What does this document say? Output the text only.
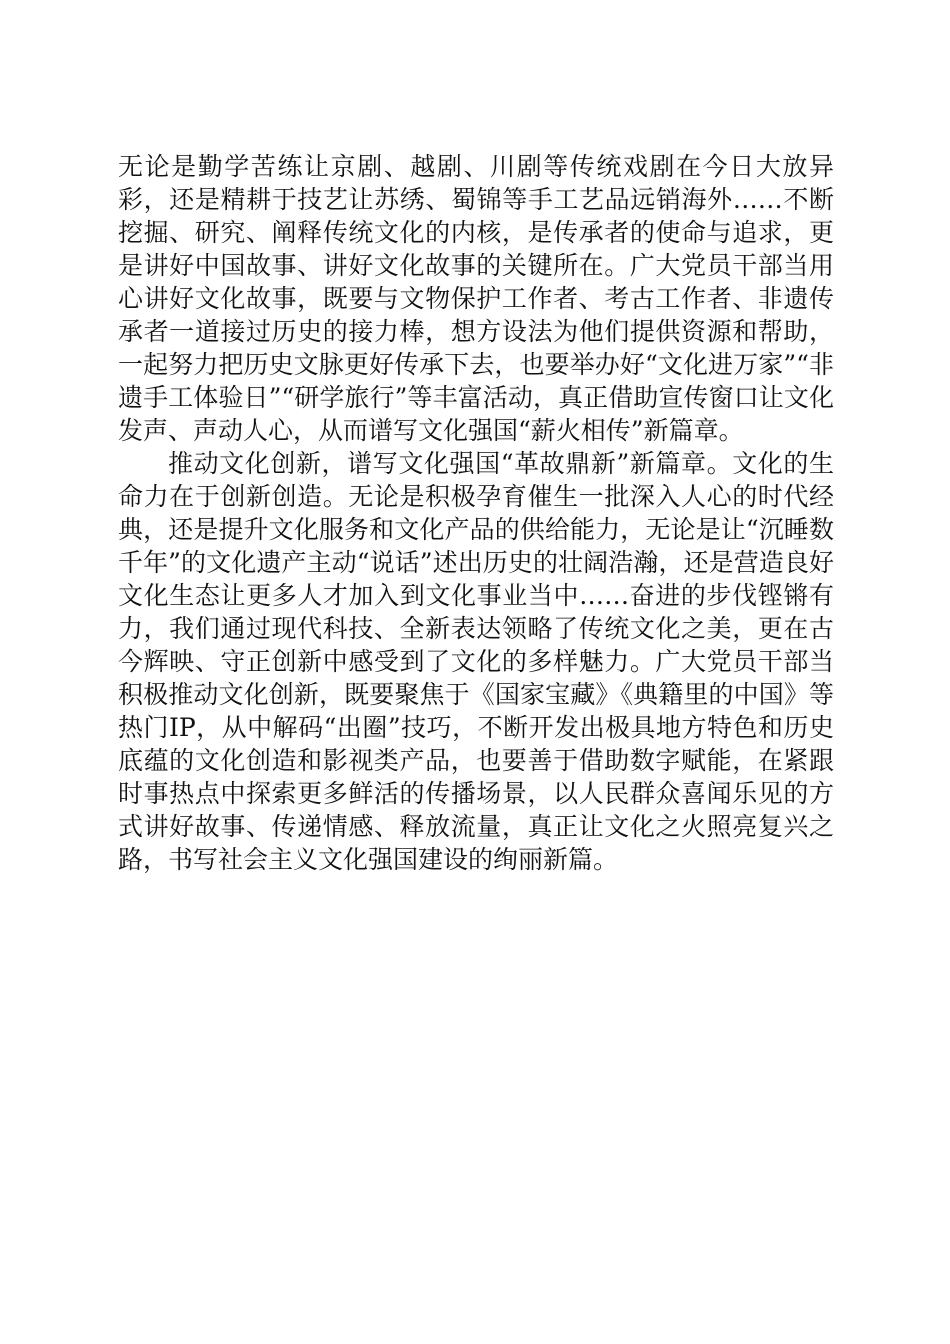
无论是勤学苦练让京剧、越剧、川剧等传统戏剧在今日大放异彩，还是精耕于技艺让苏绣、蜀锦等手工艺品远销海外……不断挖掘、研究、阐释传统文化的内核，是传承者的使命与追求，更是讲好中国故事、讲好文化故事的关键所在。广大党员干部当用心讲好文化故事，既要与文物保护工作者、考古工作者、非遗传承者一道接过历史的接力棒，想方设法为他们提供资源和帮助，一起努力把历史文脉更好传承下去，也要举办好“文化进万家”“非遗手工体验日”“研学旅行”等丰富活动，真正借助宣传窗口让文化发声、声动人心，从而谱写文化强国“薪火相传”新篇章。

推动文化创新，谱写文化强国“革故鼎新”新篇章。文化的生命力在于创新创造。无论是积极孕育催生一批深入人心的时代经典，还是提升文化服务和文化产品的供给能力，无论是让“沉睡数千年”的文化遗产主动“说话”述出历史的壮阔浩瀚，还是营造良好文化生态让更多人才加入到文化事业当中……奋进的步伐铿锵有力，我们通过现代科技、全新表达领略了传统文化之美，更在古今辉映、守正创新中感受到了文化的多样魅力。广大党员干部当积极推动文化创新，既要聚焦于《国家宝藏》《典籍里的中国》等热门IP，从中解码“出圈”技巧，不断开发出极具地方特色和历史底蕴的文化创造和影视类产品，也要善于借助数字赋能，在紧跟时事热点中探索更多鲜活的传播场景，以人民群众喜闻乐见的方式讲好故事、传递情感、释放流量，真正让文化之火照亮复兴之路，书写社会主义文化强国建设的绚丽新篇。
